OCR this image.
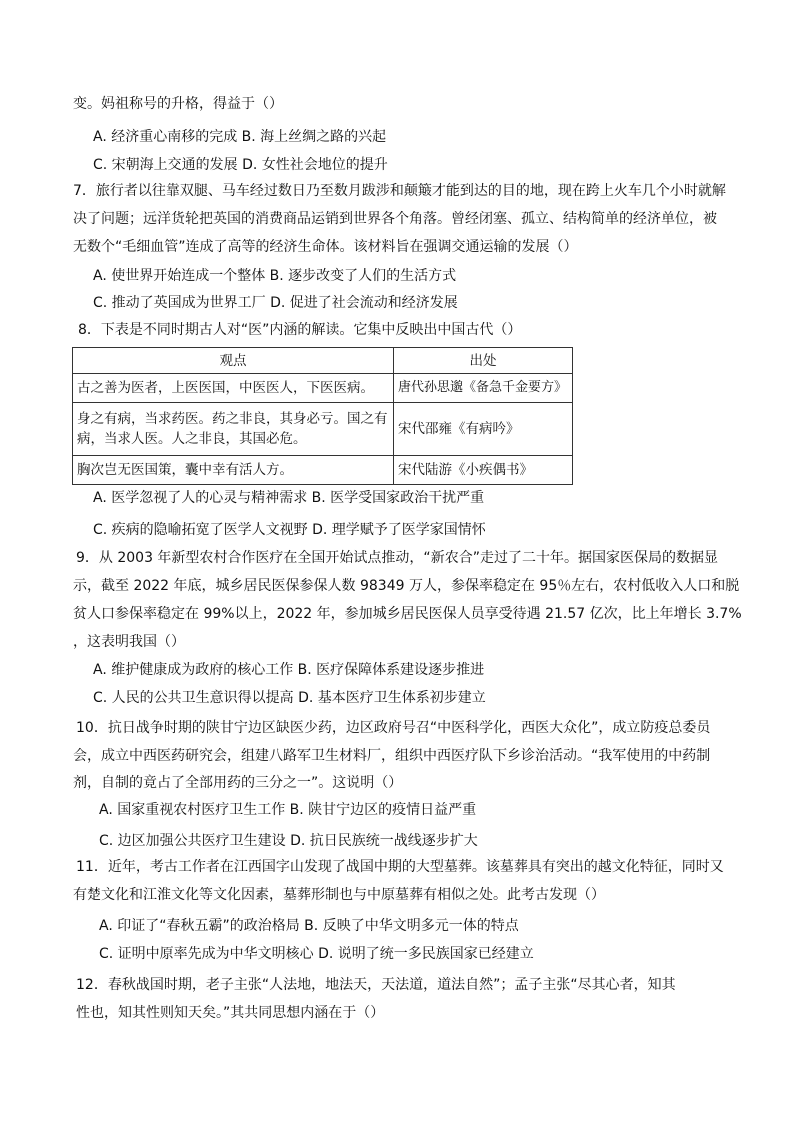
变。妈祖称号的升格，得益于（）
A. 经济重心南移的完成 B. 海上丝绸之路的兴起
C. 宋朝海上交通的发展 D. 女性社会地位的提升
7．旅行者以往靠双腿、马车经过数日乃至数月跋涉和颠簸才能到达的目的地，现在跨上火车几个小时就解
决了问题；远洋货轮把英国的消费商品运销到世界各个角落。曾经闭塞、孤立、结构简单的经济单位，被
无数个“毛细血管”连成了高等的经济生命体。该材料旨在强调交通运输的发展（）
A. 使世界开始连成一个整体 B. 逐步改变了人们的生活方式
C. 推动了英国成为世界工厂 D. 促进了社会流动和经济发展
8．下表是不同时期古人对“医”内涵的解读。它集中反映出中国古代（）
观点	出处
古之善为医者，上医医国，中医医人，下医医病。	唐代孙思邈《备急千金要方》
身之有病，当求药医。药之非良，其身必亏。国之有病，当求人医。人之非良，其国必危。	宋代邵雍《有病吟》
胸次岂无医国策，囊中幸有活人方。	宋代陆游《小疾偶书》
A. 医学忽视了人的心灵与精神需求 B. 医学受国家政治干扰严重
C. 疾病的隐喻拓宽了医学人文视野 D. 理学赋予了医学家国情怀
9．从 2003 年新型农村合作医疗在全国开始试点推动，“新农合”走过了二十年。据国家医保局的数据显
示，截至 2022 年底，城乡居民医保参保人数 98349 万人，参保率稳定在 95％左右，农村低收入人口和脱
贫人口参保率稳定在 99%以上，2022 年，参加城乡居民医保人员享受待遇 21.57 亿次，比上年增长 3.7%
，这表明我国（）
A. 维护健康成为政府的核心工作 B. 医疗保障体系建设逐步推进
C. 人民的公共卫生意识得以提高 D. 基本医疗卫生体系初步建立
10．抗日战争时期的陕甘宁边区缺医少药，边区政府号召“中医科学化，西医大众化”，成立防疫总委员
会，成立中西医药研究会，组建八路军卫生材料厂，组织中西医疗队下乡诊治活动。“我军使用的中药制
剂，自制的竟占了全部用药的三分之一”。这说明（）
A. 国家重视农村医疗卫生工作 B. 陕甘宁边区的疫情日益严重
C. 边区加强公共医疗卫生建设 D. 抗日民族统一战线逐步扩大
11．近年，考古工作者在江西国字山发现了战国中期的大型墓葬。该墓葬具有突出的越文化特征，同时又
有楚文化和江淮文化等文化因素，墓葬形制也与中原墓葬有相似之处。此考古发现（）
A. 印证了“春秋五霸”的政治格局 B. 反映了中华文明多元一体的特点
C. 证明中原率先成为中华文明核心 D. 说明了统一多民族国家已经建立
12．春秋战国时期，老子主张“人法地，地法天，天法道，道法自然”；孟子主张“尽其心者，知其
性也，知其性则知天矣。”其共同思想内涵在于（）
